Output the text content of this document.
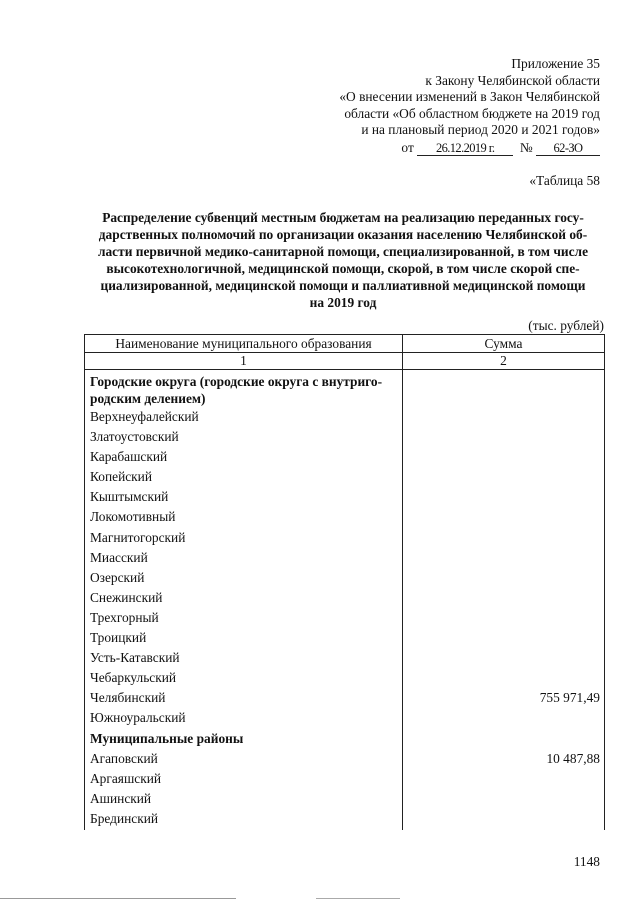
Приложение 35
к Закону Челябинской области
«О внесении изменений в Закон Челябинской
области «Об областном бюджете на 2019 год
и на плановый период 2020 и 2021 годов»
от 26.12.2019 г. № 62-ЗО
«Таблица 58
Распределение субвенций местным бюджетам на реализацию переданных госу-
дарственных полномочий по организации оказания населению Челябинской об-
ласти первичной медико-санитарной помощи, специализированной, в том числе
высокотехнологичной, медицинской помощи, скорой, в том числе скорой спе-
циализированной, медицинской помощи и паллиативной медицинской помощи
на 2019 год
(тыс. рублей)
Наименование муниципального образования	Сумма
1	2
Городские округа (городские округа с внутриго-
родским делением)
Верхнеуфалейский
Златоустовский
Карабашский
Копейский
Кыштымский
Локомотивный
Магнитогорский
Миасский
Озерский
Снежинский
Трехгорный
Троицкий
Усть-Катавский
Чебаркульский
Челябинский	755 971,49
Южноуральский
Муниципальные районы
Агаповский	10 487,88
Аргаяшский
Ашинский
Брединский
1148
